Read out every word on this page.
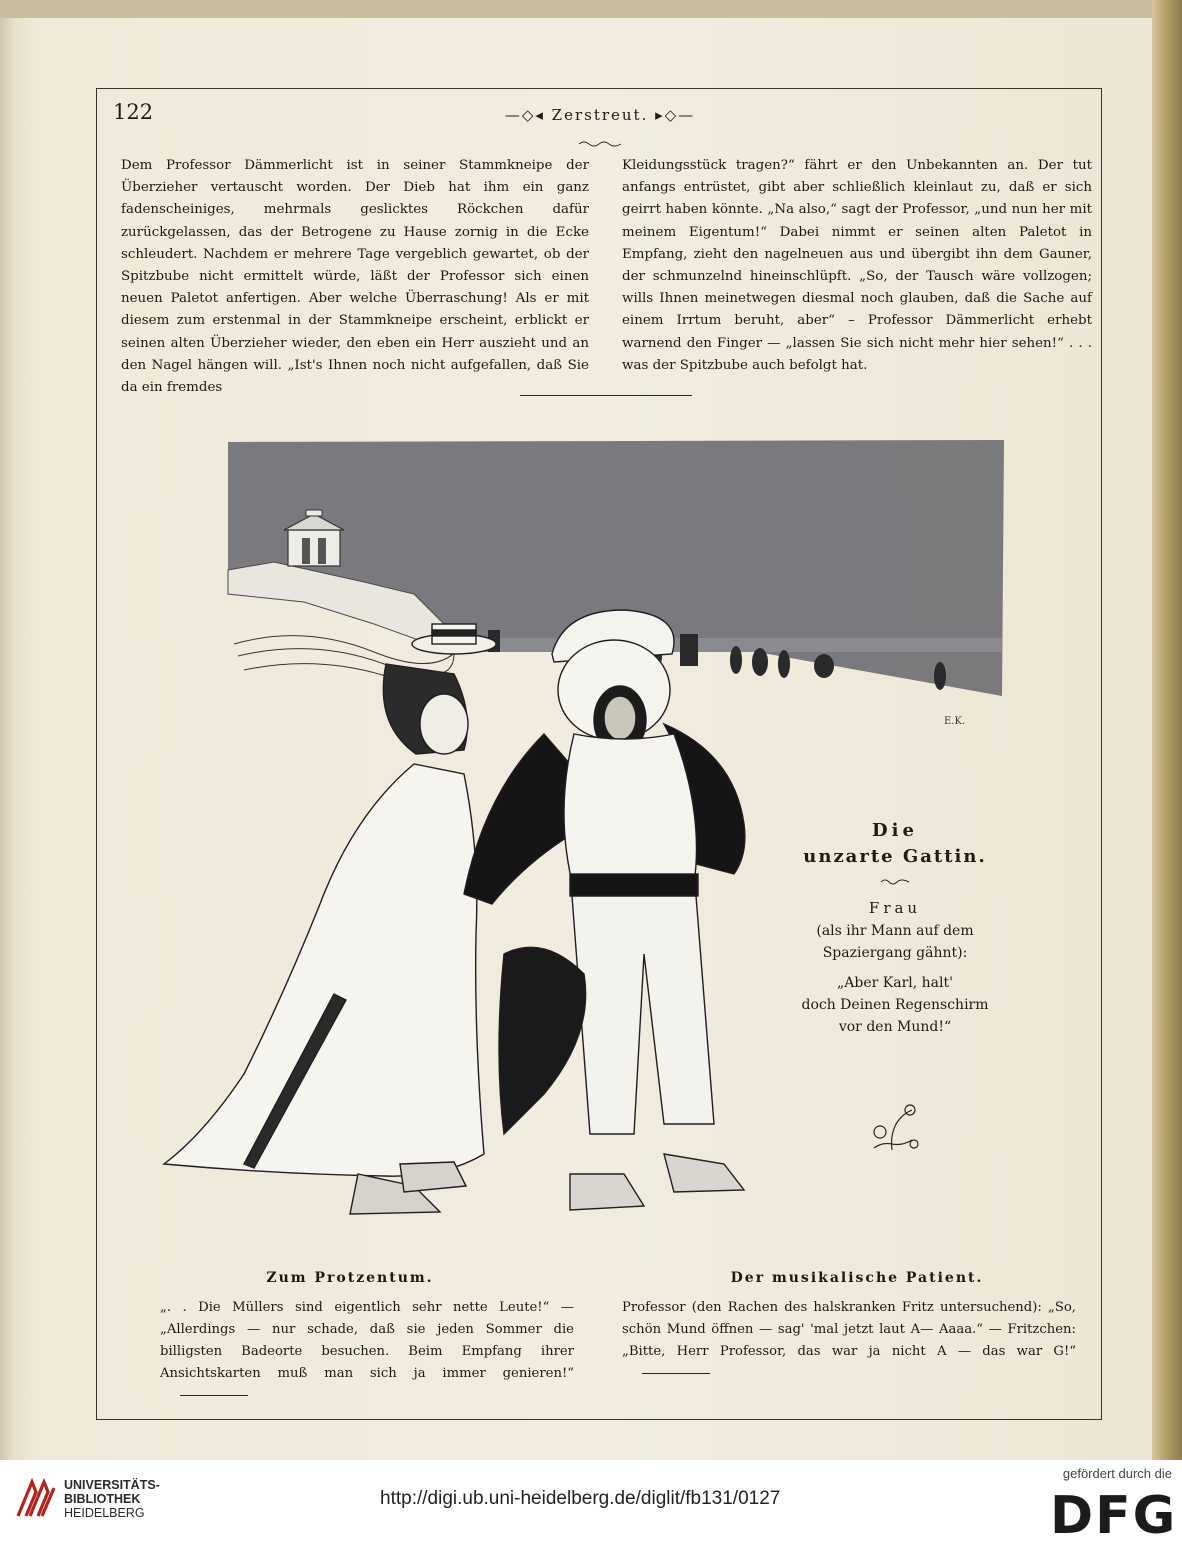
122	—◇◂ Zerstreut. ▸◇—
Dem Professor Dämmerlicht ist in seiner Stammkneipe der Überzieher vertauscht worden. Der Dieb hat ihm ein ganz fadenscheiniges, mehrmals geslicktes Röckchen dafür zurückgelassen, das der Betrogene zu Hause zornig in die Ecke schleudert. Nachdem er mehrere Tage vergeblich gewartet, ob der Spitzbube nicht ermittelt würde, läßt der Professor sich einen neuen Paletot anfertigen. Aber welche Überraschung! Als er mit diesem zum erstenmal in der Stammkneipe erscheint, erblickt er seinen alten Überzieher wieder, den eben ein Herr auszieht und an den Nagel hängen will. „Ist's Ihnen noch nicht aufgefallen, daß Sie da ein fremdes
Kleidungsstück tragen?“ fährt er den Unbekannten an. Der tut anfangs entrüstet, gibt aber schließlich kleinlaut zu, daß er sich geirrt haben könnte. „Na also,“ sagt der Professor, „und nun her mit meinem Eigentum!“ Dabei nimmt er seinen alten Paletot in Empfang, zieht den nagelneuen aus und übergibt ihn dem Gauner, der schmunzelnd hineinschlüpft. „So, der Tausch wäre vollzogen; wills Ihnen meinetwegen diesmal noch glauben, daß die Sache auf einem Irrtum beruht, aber“ – Professor Dämmerlicht erhebt warnend den Finger — „lassen Sie sich nicht mehr hier sehen!“ . . . was der Spitzbube auch befolgt hat.
E.K.
Die
unzarte Gattin.
Frau
(als ihr Mann auf dem
Spaziergang gähnt):
„Aber Karl, halt'
doch Deinen Regenschirm
vor den Mund!“
Zum Protzentum.
„. . Die Müllers sind eigentlich sehr nette Leute!“ — „Allerdings — nur schade, daß sie jeden Sommer die billigsten Badeorte besuchen. Beim Empfang ihrer Ansichtskarten muß man sich ja immer genieren!“
Der musikalische Patient.
Professor (den Rachen des halskranken Fritz untersuchend): „So, schön Mund öffnen — sag' 'mal jetzt laut A— Aaaa.“ — Fritzchen: „Bitte, Herr Professor, das war ja nicht A — das war G!“
UNIVERSITÄTS-
BIBLIOTHEK
HEIDELBERG
http://digi.ub.uni-heidelberg.de/diglit/fb131/0127
gefördert durch die
DFG
